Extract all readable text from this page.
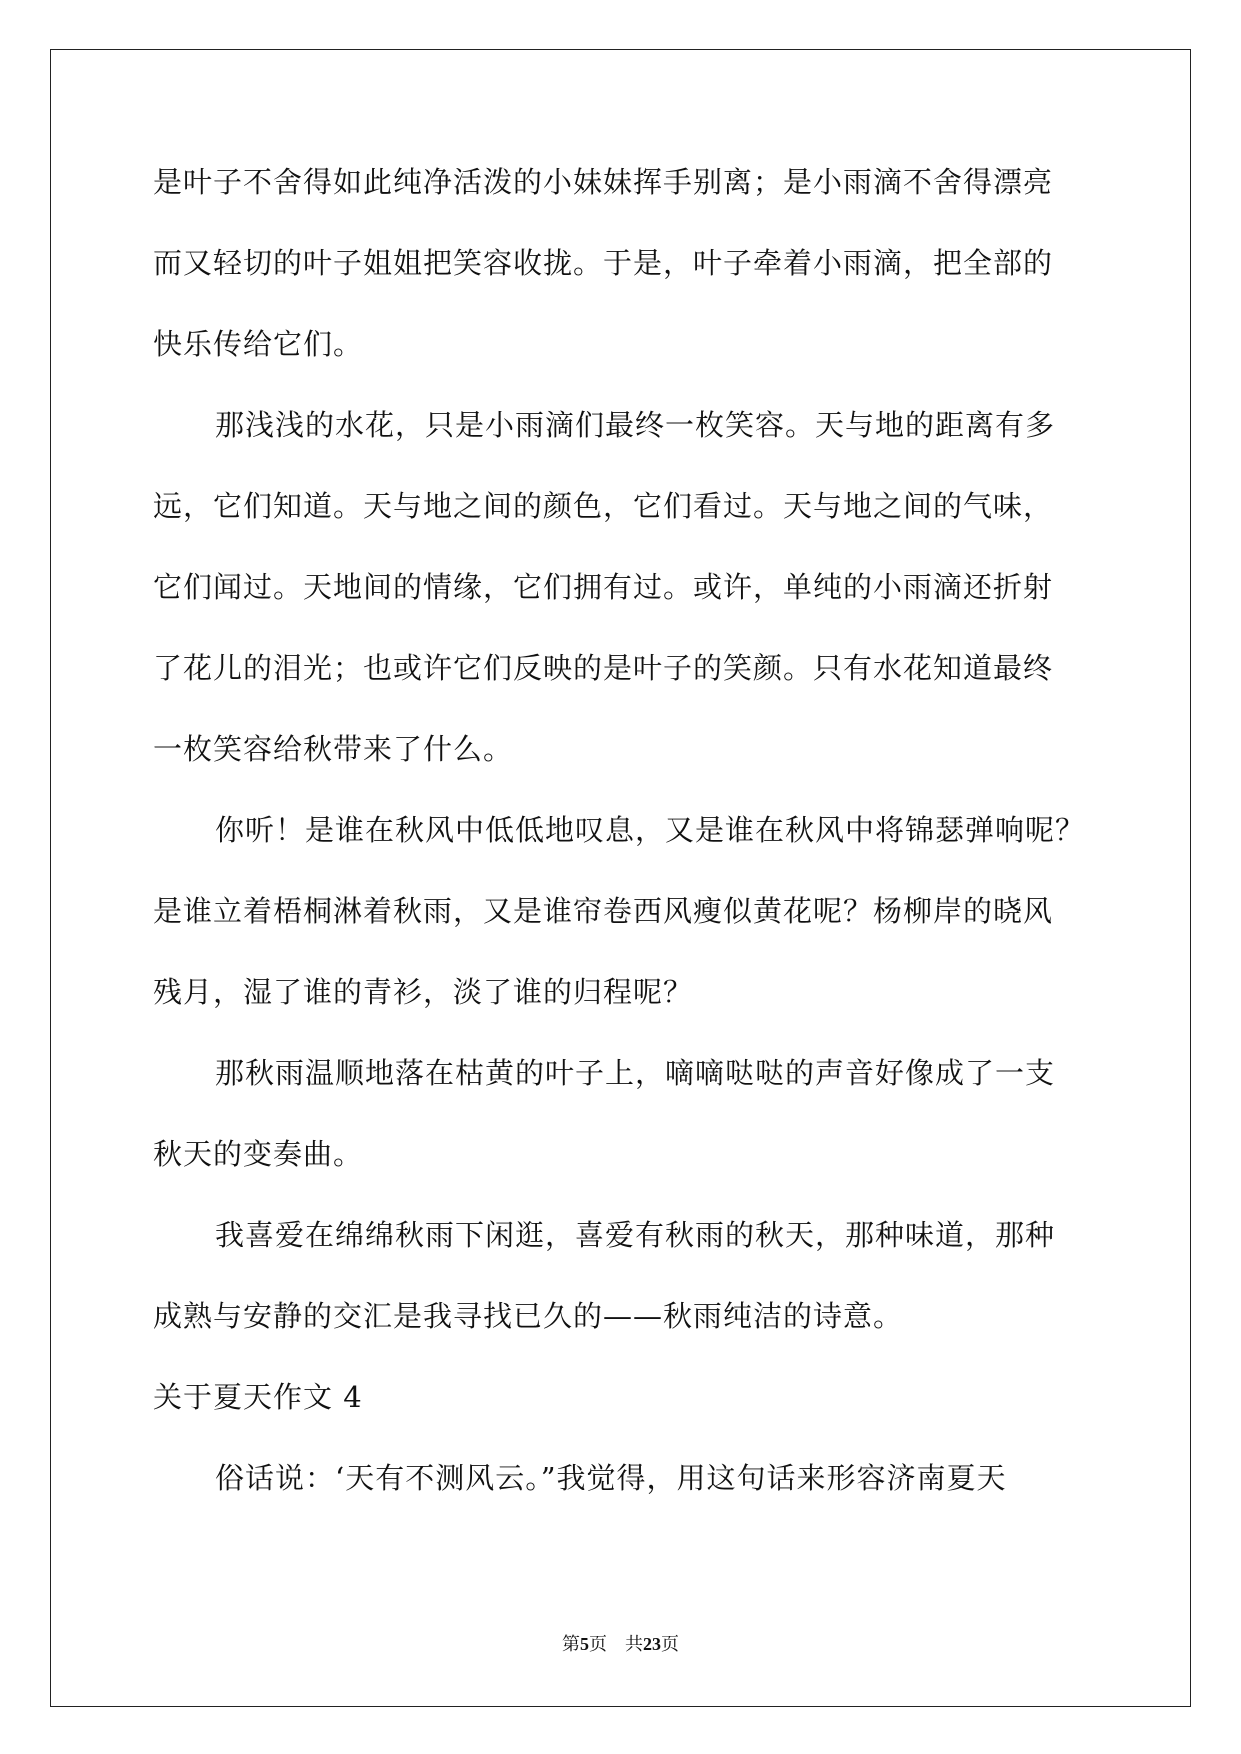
是叶子不舍得如此纯净活泼的小妹妹挥手别离；是小雨滴不舍得漂亮
而又轻切的叶子姐姐把笑容收拢。于是，叶子牵着小雨滴，把全部的
快乐传给它们。
那浅浅的水花，只是小雨滴们最终一枚笑容。天与地的距离有多
远，它们知道。天与地之间的颜色，它们看过。天与地之间的气味，
它们闻过。天地间的情缘，它们拥有过。或许，单纯的小雨滴还折射
了花儿的泪光；也或许它们反映的是叶子的笑颜。只有水花知道最终
一枚笑容给秋带来了什么。
你听！是谁在秋风中低低地叹息，又是谁在秋风中将锦瑟弹响呢？
是谁立着梧桐淋着秋雨，又是谁帘卷西风瘦似黄花呢？杨柳岸的晓风
残月，湿了谁的青衫，淡了谁的归程呢？
那秋雨温顺地落在枯黄的叶子上，嘀嘀哒哒的声音好像成了一支
秋天的变奏曲。
我喜爱在绵绵秋雨下闲逛，喜爱有秋雨的秋天，那种味道，那种
成熟与安静的交汇是我寻找已久的——秋雨纯洁的诗意。
关于夏天作文 4
俗话说：‘天有不测风云。”我觉得，用这句话来形容济南夏天
第5页　共23页
